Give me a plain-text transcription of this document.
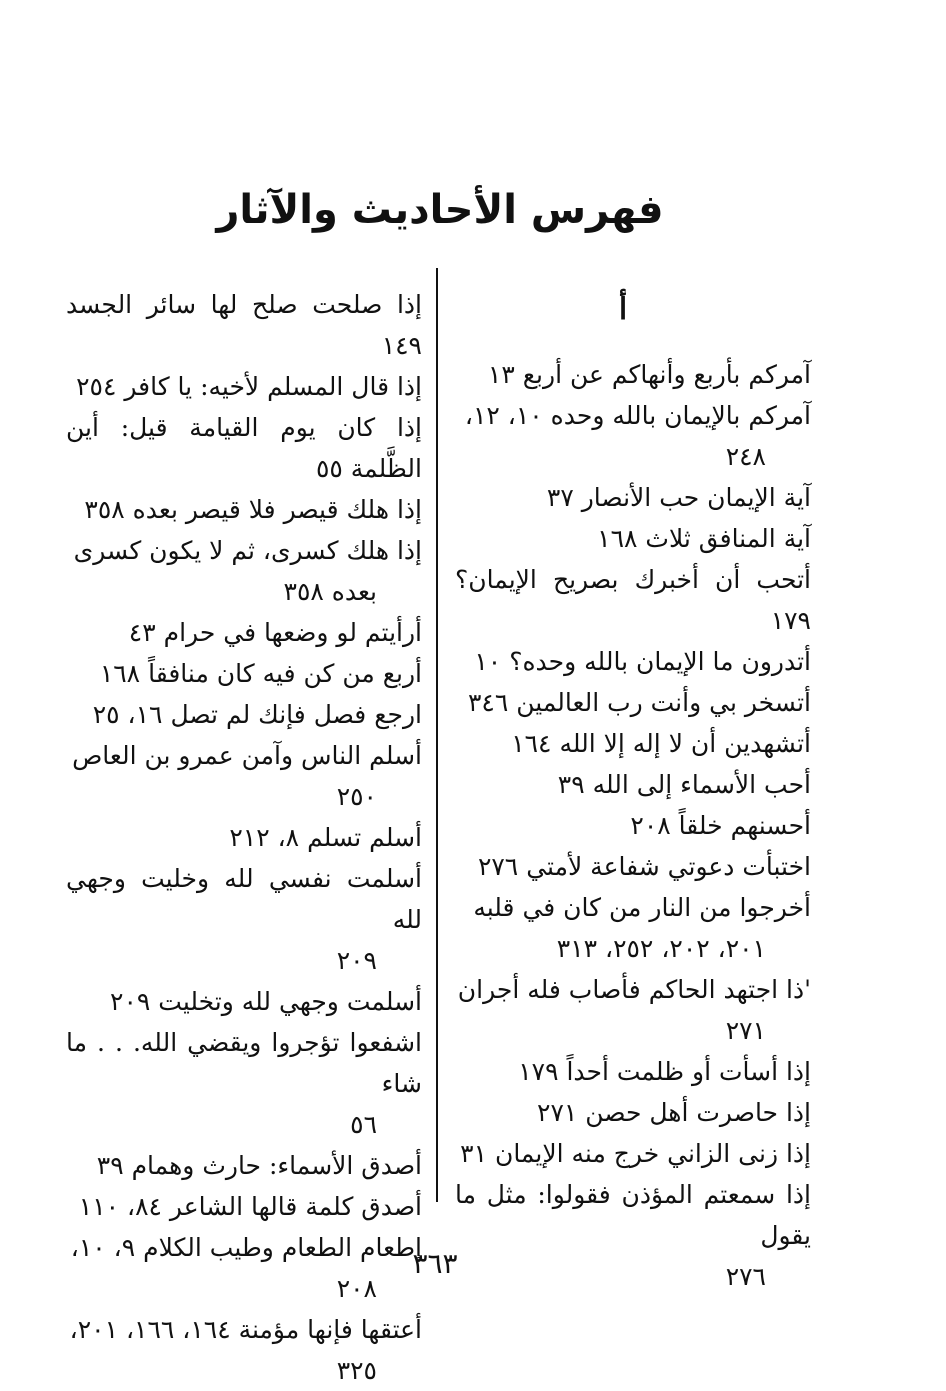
فهرس الأحاديث والآثار
أ
آمركم بأربع وأنهاكم عن أربع ١٣
آمركم بالإيمان بالله وحده ١٠، ١٢،
٢٤٨
آية الإيمان حب الأنصار ٣٧
آية المنافق ثلاث ١٦٨
أتحب أن أخبرك بصريح الإيمان؟ ١٧٩
أتدرون ما الإيمان بالله وحده؟ ١٠
أتسخر بي وأنت رب العالمين ٣٤٦
أتشهدين أن لا إله إلا الله ١٦٤
أحب الأسماء إلى الله ٣٩
أحسنهم خلقاً ٢٠٨
اختبأت دعوتي شفاعة لأمتي ٢٧٦
أخرجوا من النار من كان في قلبه
٢٠١، ٢٠٢، ٢٥٢، ٣١٣
'ذا اجتهد الحاكم فأصاب فله أجران
٢٧١
إذا أسأت أو ظلمت أحداً ١٧٩
إذا حاصرت أهل حصن ٢٧١
إذا زنى الزاني خرج منه الإيمان ٣١
إذا سمعتم المؤذن فقولوا: مثل ما يقول
٢٧٦
إذا صلحت صلح لها سائر الجسد ١٤٩
إذا قال المسلم لأخيه: يا كافر ٢٥٤
إذا كان يوم القيامة قيل: أين الظَّلمة ٥٥
إذا هلك قيصر فلا قيصر بعده ٣٥٨
إذا هلك كسرى، ثم لا يكون كسرى
بعده ٣٥٨
أرأيتم لو وضعها في حرام ٤٣
أربع من كن فيه كان منافقاً ١٦٨
ارجع فصل فإنك لم تصل ١٦، ٢٥
أسلم الناس وآمن عمرو بن العاص
٢٥٠
أسلم تسلم ٨، ٢١٢
أسلمت نفسي لله وخليت وجهي لله
٢٠٩
أسلمت وجهي لله وتخليت ٢٠٩
اشفعوا تؤجروا ويقضي الله. . . ما شاء
٥٦
أصدق الأسماء: حارث وهمام ٣٩
أصدق كلمة قالها الشاعر ٨٤، ١١٠
إطعام الطعام وطيب الكلام ٩، ١٠،
٢٠٨
أعتقها فإنها مؤمنة ١٦٤، ١٦٦، ٢٠١،
٣٢٥
٣٦٣
